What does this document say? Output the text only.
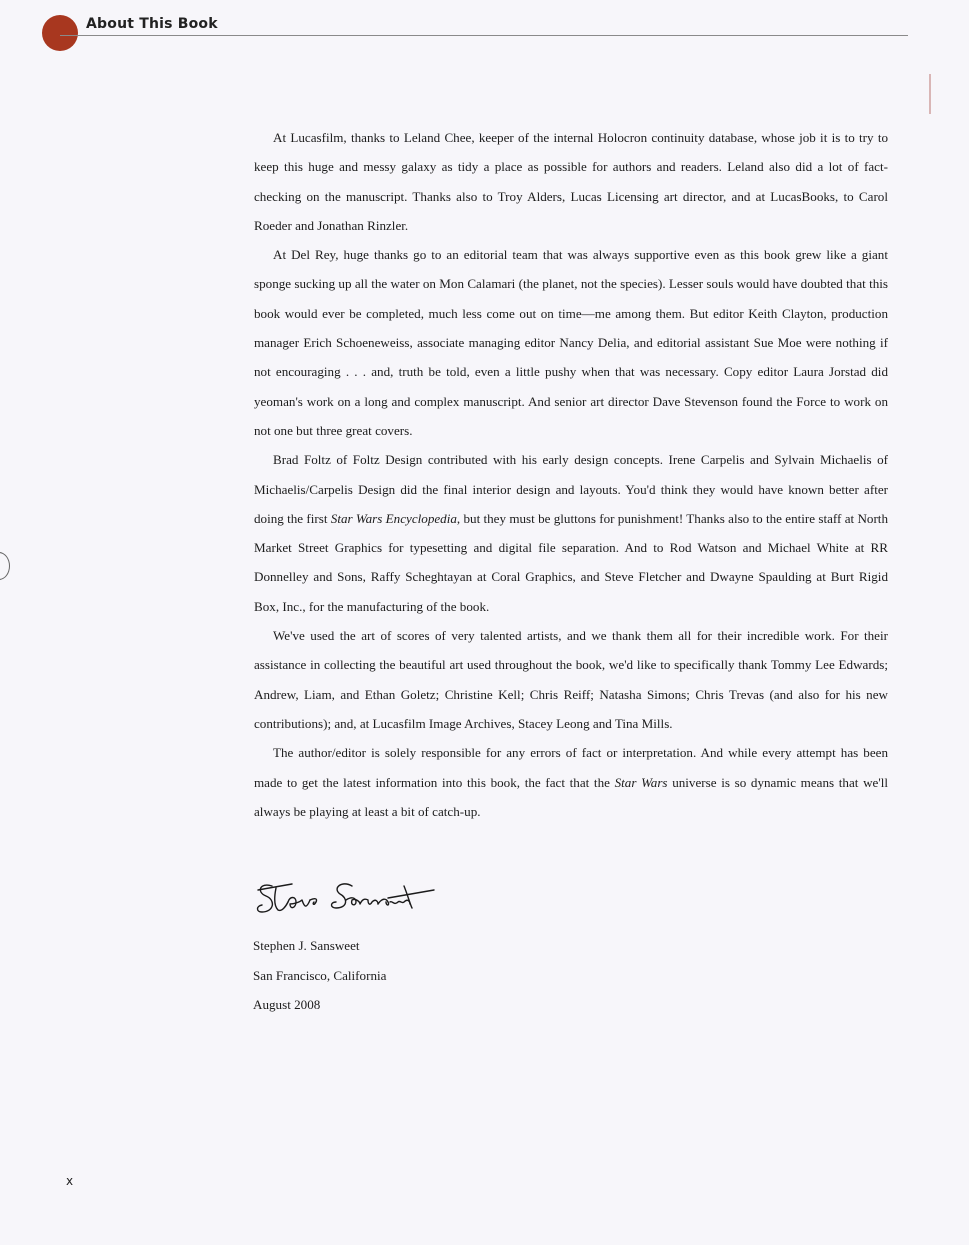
About This Book

At Lucasfilm, thanks to Leland Chee, keeper of the internal Holocron continuity database, whose job it is to try to keep this huge and messy galaxy as tidy a place as possible for authors and readers. Leland also did a lot of fact-checking on the manuscript. Thanks also to Troy Alders, Lucas Licensing art director, and at LucasBooks, to Carol Roeder and Jonathan Rinzler.

At Del Rey, huge thanks go to an editorial team that was always supportive even as this book grew like a giant sponge sucking up all the water on Mon Calamari (the planet, not the species). Lesser souls would have doubted that this book would ever be completed, much less come out on time—me among them. But editor Keith Clayton, production manager Erich Schoeneweiss, associate managing editor Nancy Delia, and editorial assistant Sue Moe were nothing if not encouraging . . . and, truth be told, even a little pushy when that was necessary. Copy editor Laura Jorstad did yeoman's work on a long and complex manuscript. And senior art director Dave Stevenson found the Force to work on not one but three great covers.

Brad Foltz of Foltz Design contributed with his early design concepts. Irene Carpelis and Sylvain Michaelis of Michaelis/Carpelis Design did the final interior design and layouts. You'd think they would have known better after doing the first Star Wars Encyclopedia, but they must be gluttons for punishment! Thanks also to the entire staff at North Market Street Graphics for typesetting and digital file separation. And to Rod Watson and Michael White at RR Donnelley and Sons, Raffy Scheghtayan at Coral Graphics, and Steve Fletcher and Dwayne Spaulding at Burt Rigid Box, Inc., for the manufacturing of the book.

We've used the art of scores of very talented artists, and we thank them all for their incredible work. For their assistance in collecting the beautiful art used throughout the book, we'd like to specifically thank Tommy Lee Edwards; Andrew, Liam, and Ethan Goletz; Christine Kell; Chris Reiff; Natasha Simons; Chris Trevas (and also for his new contributions); and, at Lucasfilm Image Archives, Stacey Leong and Tina Mills.

The author/editor is solely responsible for any errors of fact or interpretation. And while every attempt has been made to get the latest information into this book, the fact that the Star Wars universe is so dynamic means that we'll always be playing at least a bit of catch-up.

Stephen J. Sansweet
San Francisco, California
August 2008
x
